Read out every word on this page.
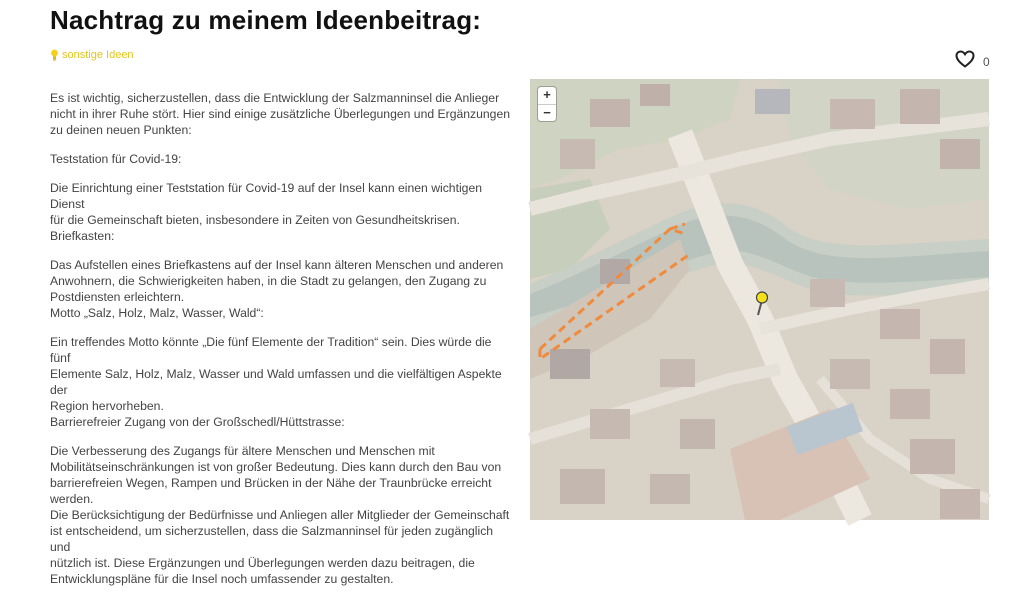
Nachtrag zu meinem Ideenbeitrag:
sonstige Ideen	0

Es ist wichtig, sicherzustellen, dass die Entwicklung der Salzmanninsel die Anlieger
nicht in ihrer Ruhe stört. Hier sind einige zusätzliche Überlegungen und Ergänzungen
zu deinen neuen Punkten:

Teststation für Covid-19:

Die Einrichtung einer Teststation für Covid-19 auf der Insel kann einen wichtigen Dienst
für die Gemeinschaft bieten, insbesondere in Zeiten von Gesundheitskrisen.
Briefkasten:

Das Aufstellen eines Briefkastens auf der Insel kann älteren Menschen und anderen
Anwohnern, die Schwierigkeiten haben, in die Stadt zu gelangen, den Zugang zu
Postdiensten erleichtern.
Motto „Salz, Holz, Malz, Wasser, Wald“:

Ein treffendes Motto könnte „Die fünf Elemente der Tradition“ sein. Dies würde die fünf
Elemente Salz, Holz, Malz, Wasser und Wald umfassen und die vielfältigen Aspekte der
Region hervorheben.
Barrierefreier Zugang von der Großschedl/Hüttstrasse:

Die Verbesserung des Zugangs für ältere Menschen und Menschen mit
Mobilitätseinschränkungen ist von großer Bedeutung. Dies kann durch den Bau von
barrierefreien Wegen, Rampen und Brücken in der Nähe der Traunbrücke erreicht
werden.
Die Berücksichtigung der Bedürfnisse und Anliegen aller Mitglieder der Gemeinschaft
ist entscheidend, um sicherzustellen, dass die Salzmanninsel für jeden zugänglich und
nützlich ist. Diese Ergänzungen und Überlegungen werden dazu beitragen, die
Entwicklungspläne für die Insel noch umfassender zu gestalten.

+
−
